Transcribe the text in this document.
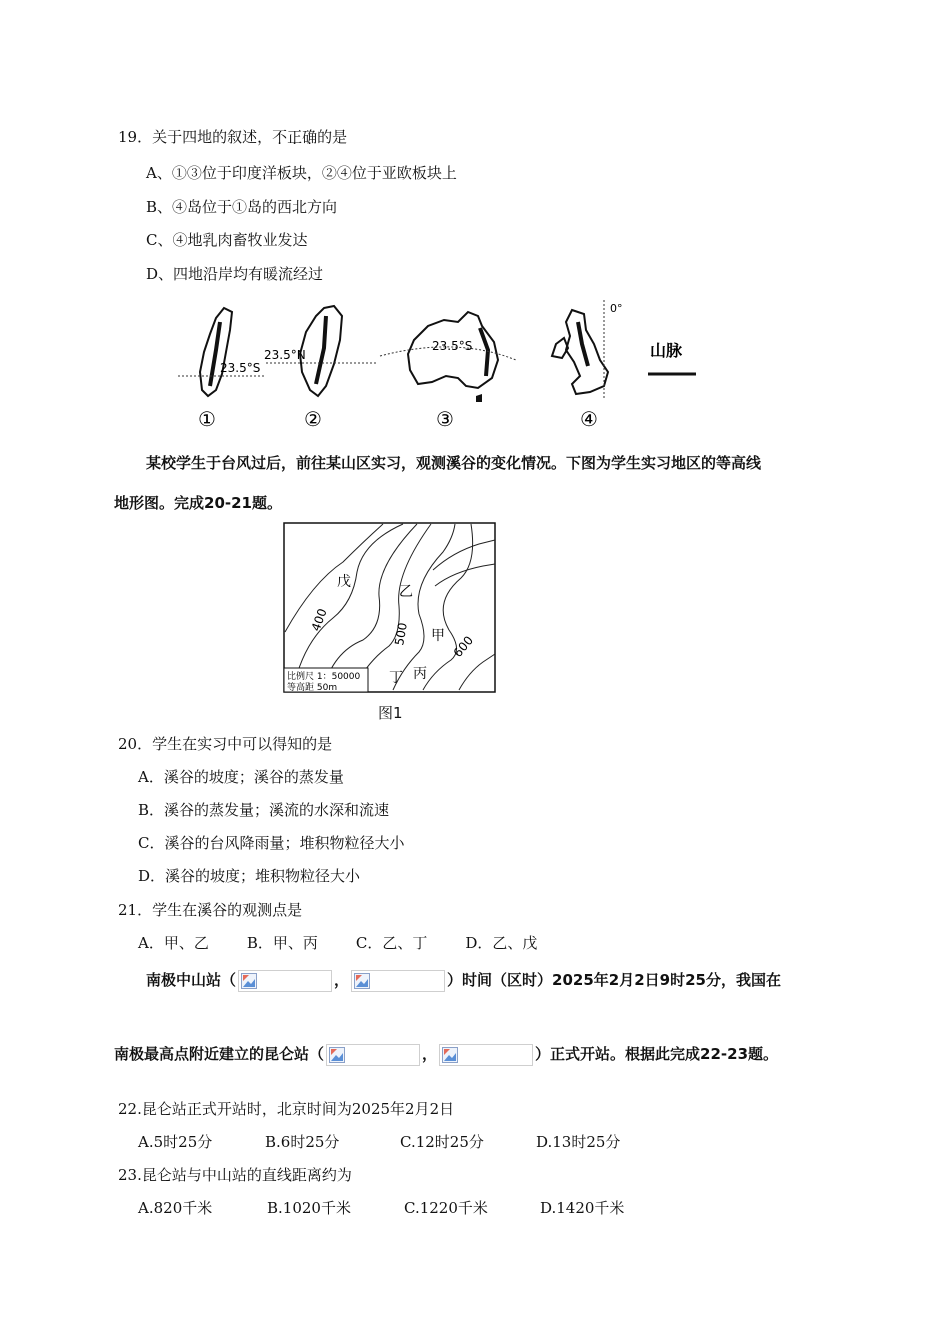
19．关于四地的叙述，不正确的是
A、①③位于印度洋板块，②④位于亚欧板块上
B、④岛位于①岛的西北方向
C、④地乳肉畜牧业发达
D、四地沿岸均有暖流经过
23.5°S
①
23.5°N
②
23.5°S
③
0°
④
山脉
某校学生于台风过后，前往某山区实习，观测溪谷的变化情况。下图为学生实习地区的等高线
地形图。完成20-21题。
戊
乙
甲
丙
丁
400
500	600
比例尺 1：50000
等高距 50m
图1
20．学生在实习中可以得知的是
A．溪谷的坡度；溪谷的蒸发量
B．溪谷的蒸发量；溪流的水深和流速
C．溪谷的台风降雨量；堆积物粒径大小
D．溪谷的坡度；堆积物粒径大小
21．学生在溪谷的观测点是
A．甲、乙	B．甲、丙	C．乙、丁	D．乙、戊
南极中山站（	，	）时间（区时）2025年2月2日9时25分，我国在
南极最高点附近建立的昆仑站（	，	）正式开站。根据此完成22-23题。
22.昆仑站正式开站时，北京时间为2025年2月2日
A.5时25分	B.6时25分	C.12时25分	D.13时25分
23.昆仑站与中山站的直线距离约为
A.820千米	B.1020千米	C.1220千米	D.1420千米
